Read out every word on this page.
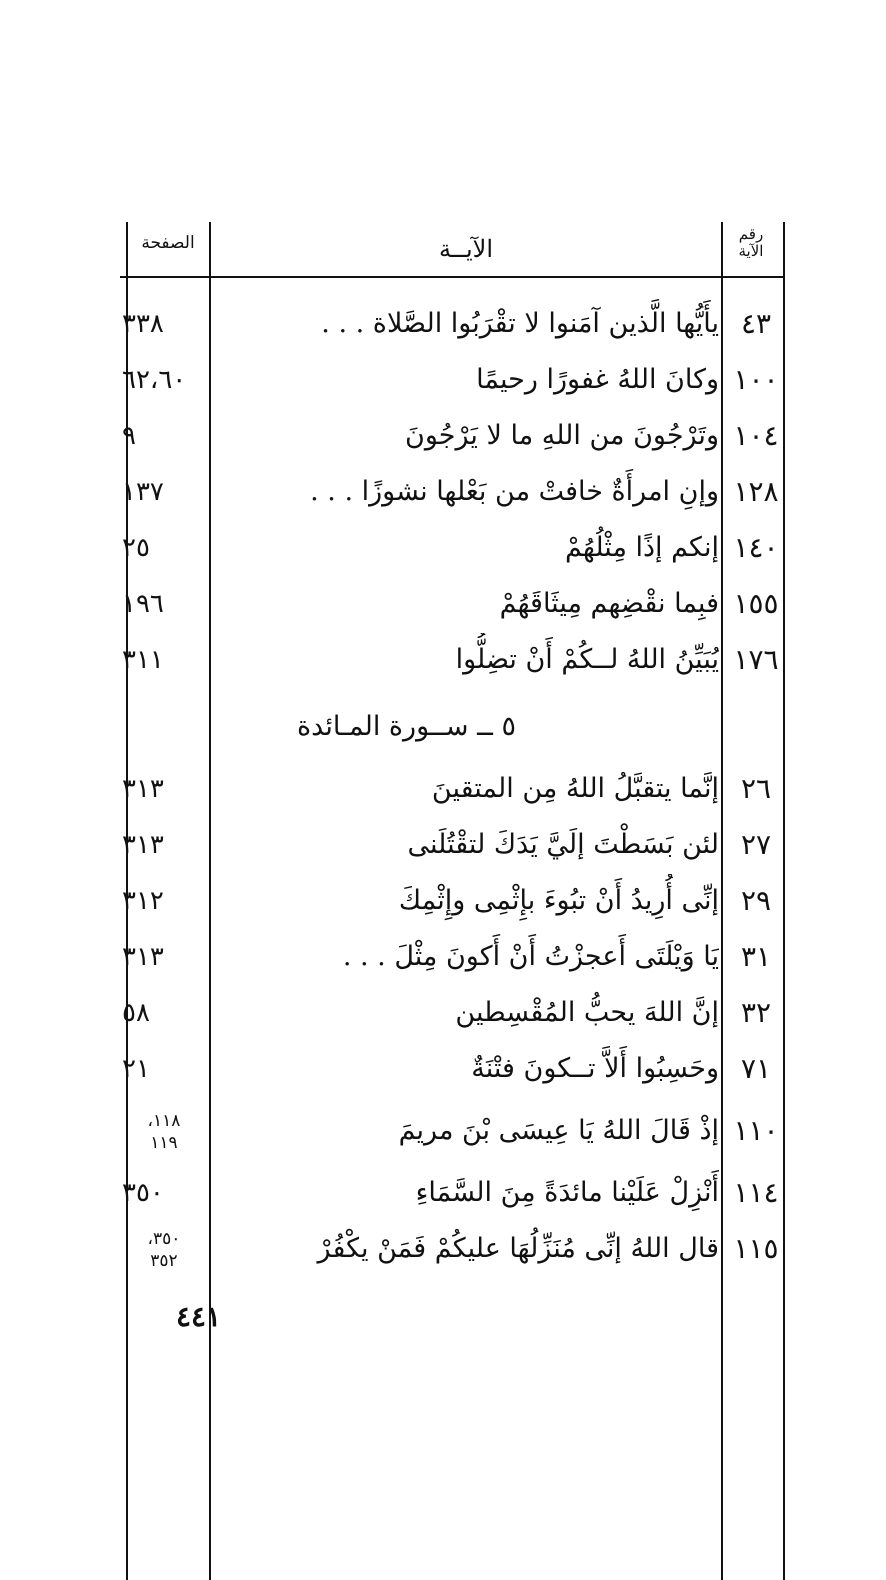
الصفحة	الآيــة
رقم الآية
٤٣
يأَيُّها الَّذين آمَنوا لا تقْرَبُوا الصَّلاة . . .
٣٣٨
١٠٠
وكانَ اللهُ غفورًا رحيمًا
٦٢،٦٠
١٠٤
وتَرْجُونَ من اللهِ ما لا يَرْجُونَ
٩
١٢٨
وإنِ امرأَةٌ خافتْ من بَعْلها نشوزًا . . .
١٣٧
١٤٠
إنكم إذًا مِثْلُهُمْ
٢٥
١٥٥
فبِما نقْضِهم مِيثَاقَهُمْ
١٩٦
١٧٦
يُبَيِّنُ اللهُ لــكُمْ أَنْ تضِلُّوا
٣١١
٥ ــ ســورة المـائدة
٢٦
إنَّما يتقبَّلُ اللهُ مِن المتقينَ
٣١٣
٢٧
لئن بَسَطْتَ إلَيَّ يَدَكَ لتقْتُلَنى
٣١٣
٢٩
إنِّى أُرِيدُ أَنْ تبُوءَ بإِثْمِى وإِثْمِكَ
٣١٢
٣١
يَا وَيْلَتَى أَعجزْتُ أَنْ أَكونَ مِثْلَ . . .
٣١٣
٣٢
إنَّ اللهَ يحبُّ المُقْسِطين
٥٨
٧١
وحَسِبُوا أَلاَّ تــكونَ فتْنَةٌ
٢١
١١٠
إذْ قَالَ اللهُ يَا عِيسَى بْنَ مريمَ
١١٨،
١١٩
١١٤
أَنْزِلْ عَلَيْنا مائدَةً مِنَ السَّمَاءِ
٣٥٠
١١٥
قال اللهُ إنِّى مُنَزِّلُهَا عليكُمْ فَمَنْ يكْفُرْ
٣٥٠،
٣٥٢
٤٤١
